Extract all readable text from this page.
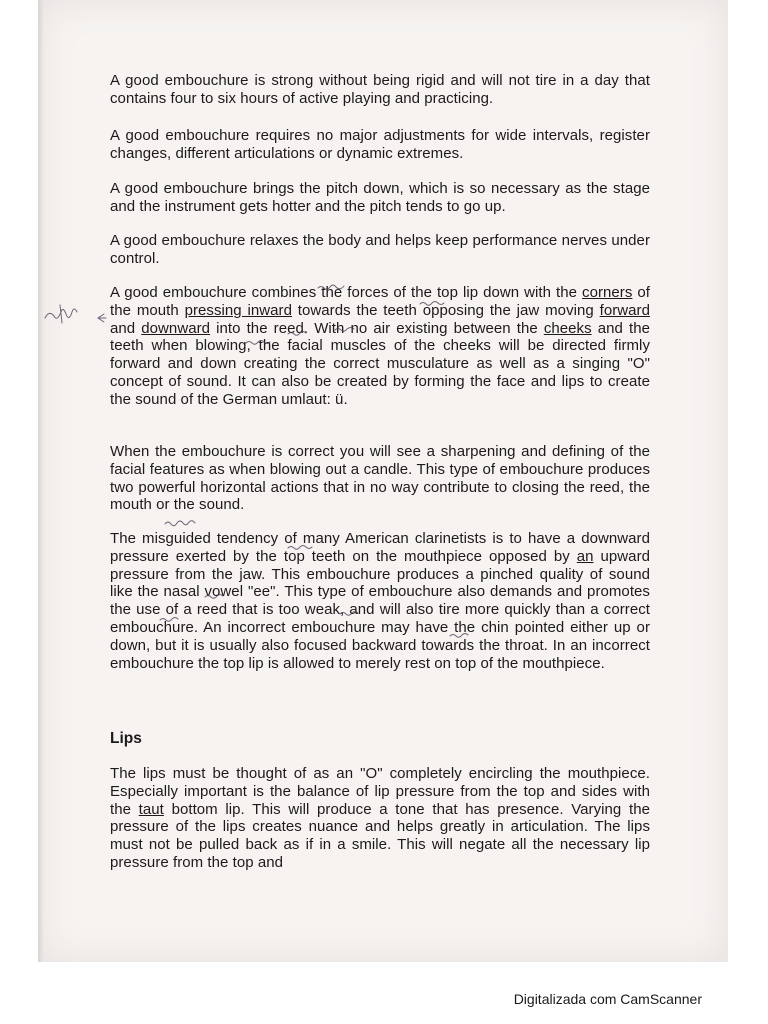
A good embouchure is strong without being rigid and will not tire in a day that contains four to six hours of active playing and practicing.

A good embouchure requires no major adjustments for wide intervals, register changes, different articulations or dynamic extremes.

A good embouchure brings the pitch down, which is so necessary as the stage and the instrument gets hotter and the pitch tends to go up.

A good embouchure relaxes the body and helps keep performance nerves under control.

A good embouchure combines the forces of the top lip down with the corners of the mouth pressing inward towards the teeth opposing the jaw moving forward and downward into the reed. With no air existing between the cheeks and the teeth when blowing, the facial muscles of the cheeks will be directed firmly forward and down creating the correct musculature as well as a singing "O" concept of sound. It can also be created by forming the face and lips to create the sound of the German umlaut: ü.

When the embouchure is correct you will see a sharpening and defining of the facial features as when blowing out a candle. This type of embouchure produces two powerful horizontal actions that in no way contribute to closing the reed, the mouth or the sound.

The misguided tendency of many American clarinetists is to have a downward pressure exerted by the top teeth on the mouthpiece opposed by an upward pressure from the jaw. This embouchure produces a pinched quality of sound like the nasal vowel "ee". This type of embouchure also demands and promotes the use of a reed that is too weak, and will also tire more quickly than a correct embouchure. An incorrect embouchure may have the chin pointed either up or down, but it is usually also focused backward towards the throat. In an incorrect embouchure the top lip is allowed to merely rest on top of the mouthpiece.

Lips

The lips must be thought of as an "O" completely encircling the mouthpiece. Especially important is the balance of lip pressure from the top and sides with the taut bottom lip. This will produce a tone that has presence. Varying the pressure of the lips creates nuance and helps greatly in articulation. The lips must not be pulled back as if in a smile. This will negate all the necessary lip pressure from the top and

Digitalizada com CamScanner
